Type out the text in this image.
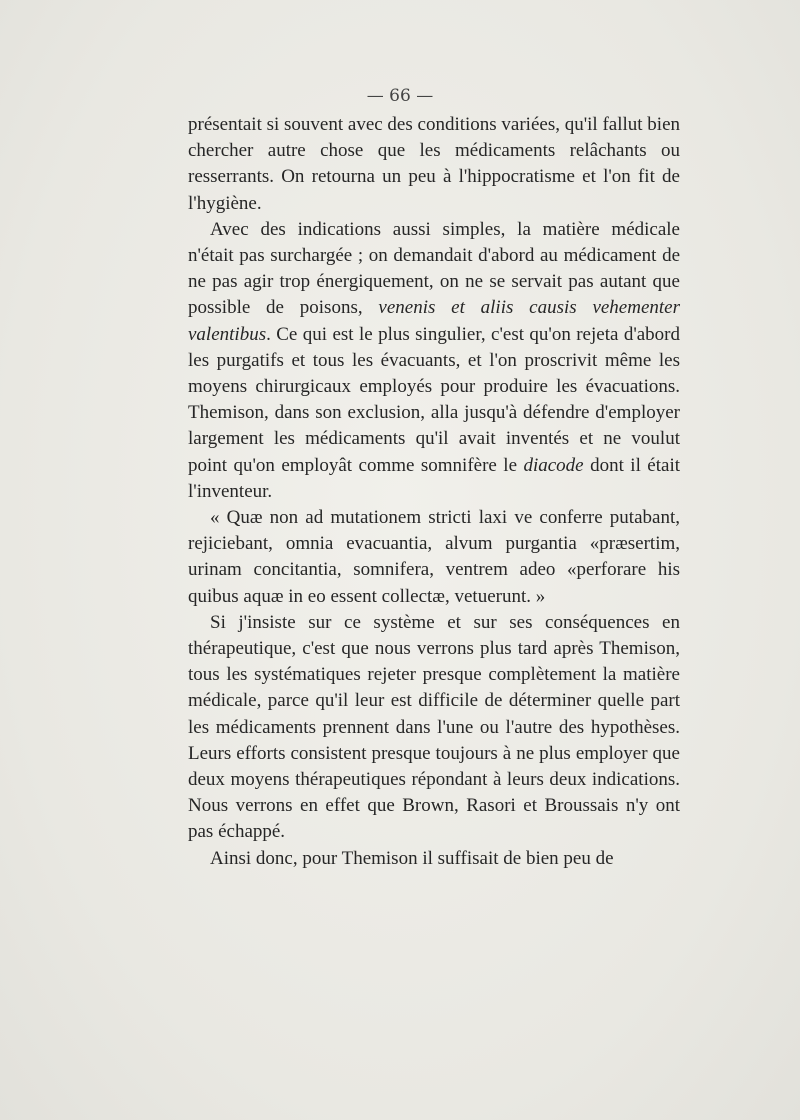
— 66 —

présentait si souvent avec des conditions variées, qu'il fallut bien chercher autre chose que les médicaments relâchants ou resserrants. On retourna un peu à l'hippocratisme et l'on fit de l'hygiène.

Avec des indications aussi simples, la matière médicale n'était pas surchargée ; on demandait d'abord au médicament de ne pas agir trop énergiquement, on ne se servait pas autant que possible de poisons, venenis et aliis causis vehementer valentibus. Ce qui est le plus singulier, c'est qu'on rejeta d'abord les purgatifs et tous les évacuants, et l'on proscrivit même les moyens chirurgicaux employés pour produire les évacuations. Themison, dans son exclusion, alla jusqu'à défendre d'employer largement les médicaments qu'il avait inventés et ne voulut point qu'on employât comme somnifère le diacode dont il était l'inventeur.

« Quæ non ad mutationem stricti laxi ve conferre putabant, rejiciebant, omnia evacuantia, alvum purgantia «præsertim, urinam concitantia, somnifera, ventrem adeo «perforare his quibus aquæ in eo essent collectæ, vetuerunt. »

Si j'insiste sur ce système et sur ses conséquences en thérapeutique, c'est que nous verrons plus tard après Themison, tous les systématiques rejeter presque complètement la matière médicale, parce qu'il leur est difficile de déterminer quelle part les médicaments prennent dans l'une ou l'autre des hypothèses. Leurs efforts consistent presque toujours à ne plus employer que deux moyens thérapeutiques répondant à leurs deux indications. Nous verrons en effet que Brown, Rasori et Broussais n'y ont pas échappé.

Ainsi donc, pour Themison il suffisait de bien peu de
